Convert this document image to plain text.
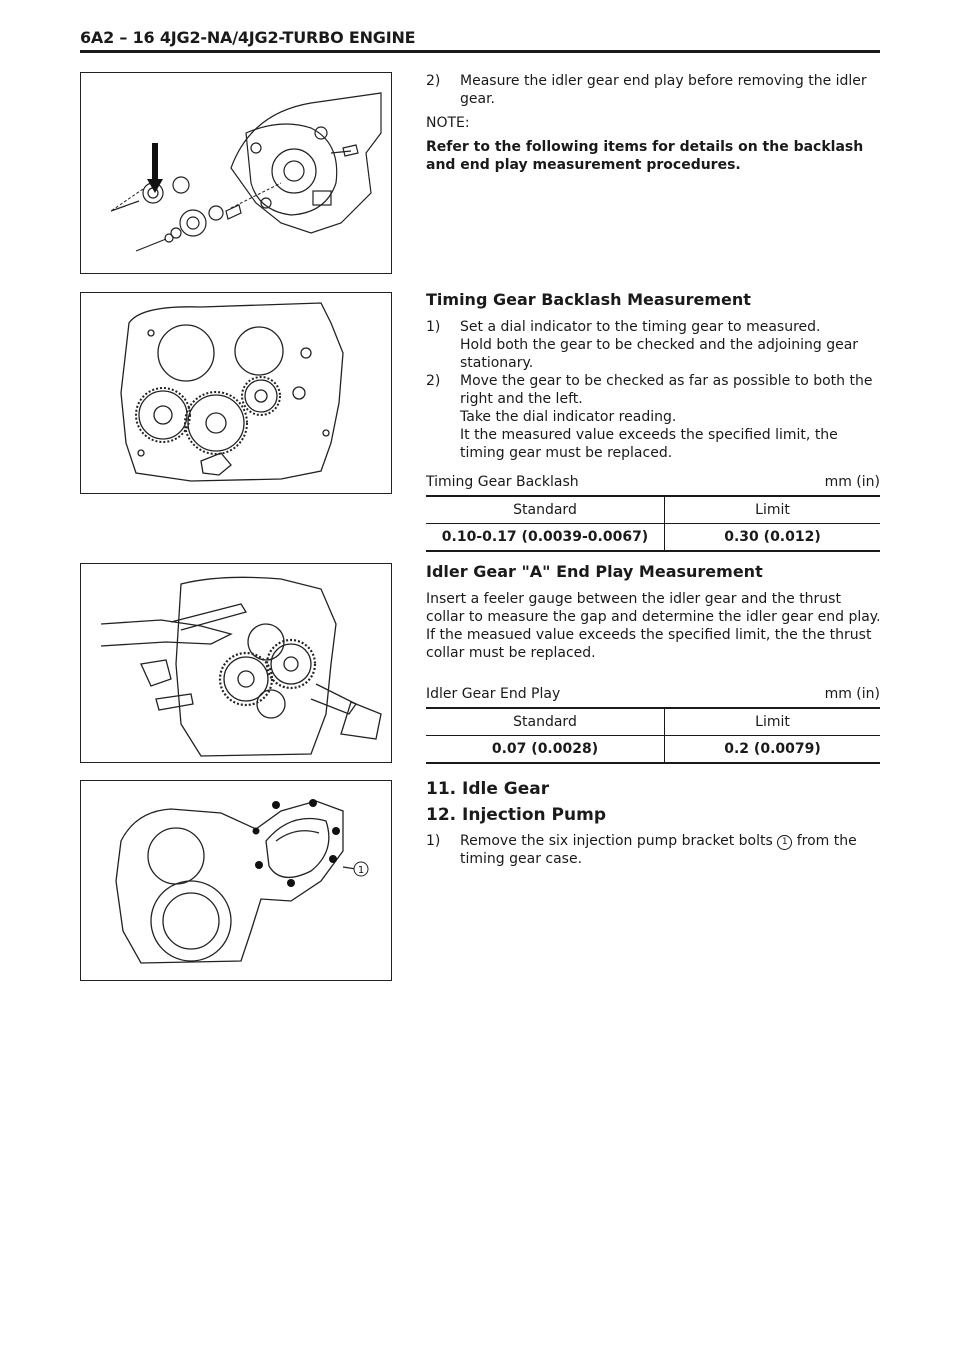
6A2 – 16 4JG2-NA/4JG2-TURBO ENGINE
1
2)	Measure the idler gear end play before removing the idler gear.
NOTE:
Refer to the following items for details on the backlash and end play measurement procedures.
Timing Gear Backlash Measurement
1)	Set a dial indicator to the timing gear to measured.
Hold both the gear to be checked and the adjoining gear stationary.
2)	Move the gear to be checked as far as possible to both the right and the left.
Take the dial indicator reading.
It the measured value exceeds the specified limit, the timing gear must be replaced.
Timing Gear Backlash	mm (in)
Standard	Limit
0.10-0.17 (0.0039-0.0067)	0.30 (0.012)
Idler Gear "A" End Play Measurement
Insert a feeler gauge between the idler gear and the thrust collar to measure the gap and determine the idler gear end play.
If the measued value exceeds the specified limit, the the thrust collar must be replaced.
Idler Gear End Play	mm (in)
Standard	Limit
0.07 (0.0028)	0.2 (0.0079)
11. Idle Gear
12. Injection Pump
1)	Remove the six injection pump bracket bolts 1 from the timing gear case.
